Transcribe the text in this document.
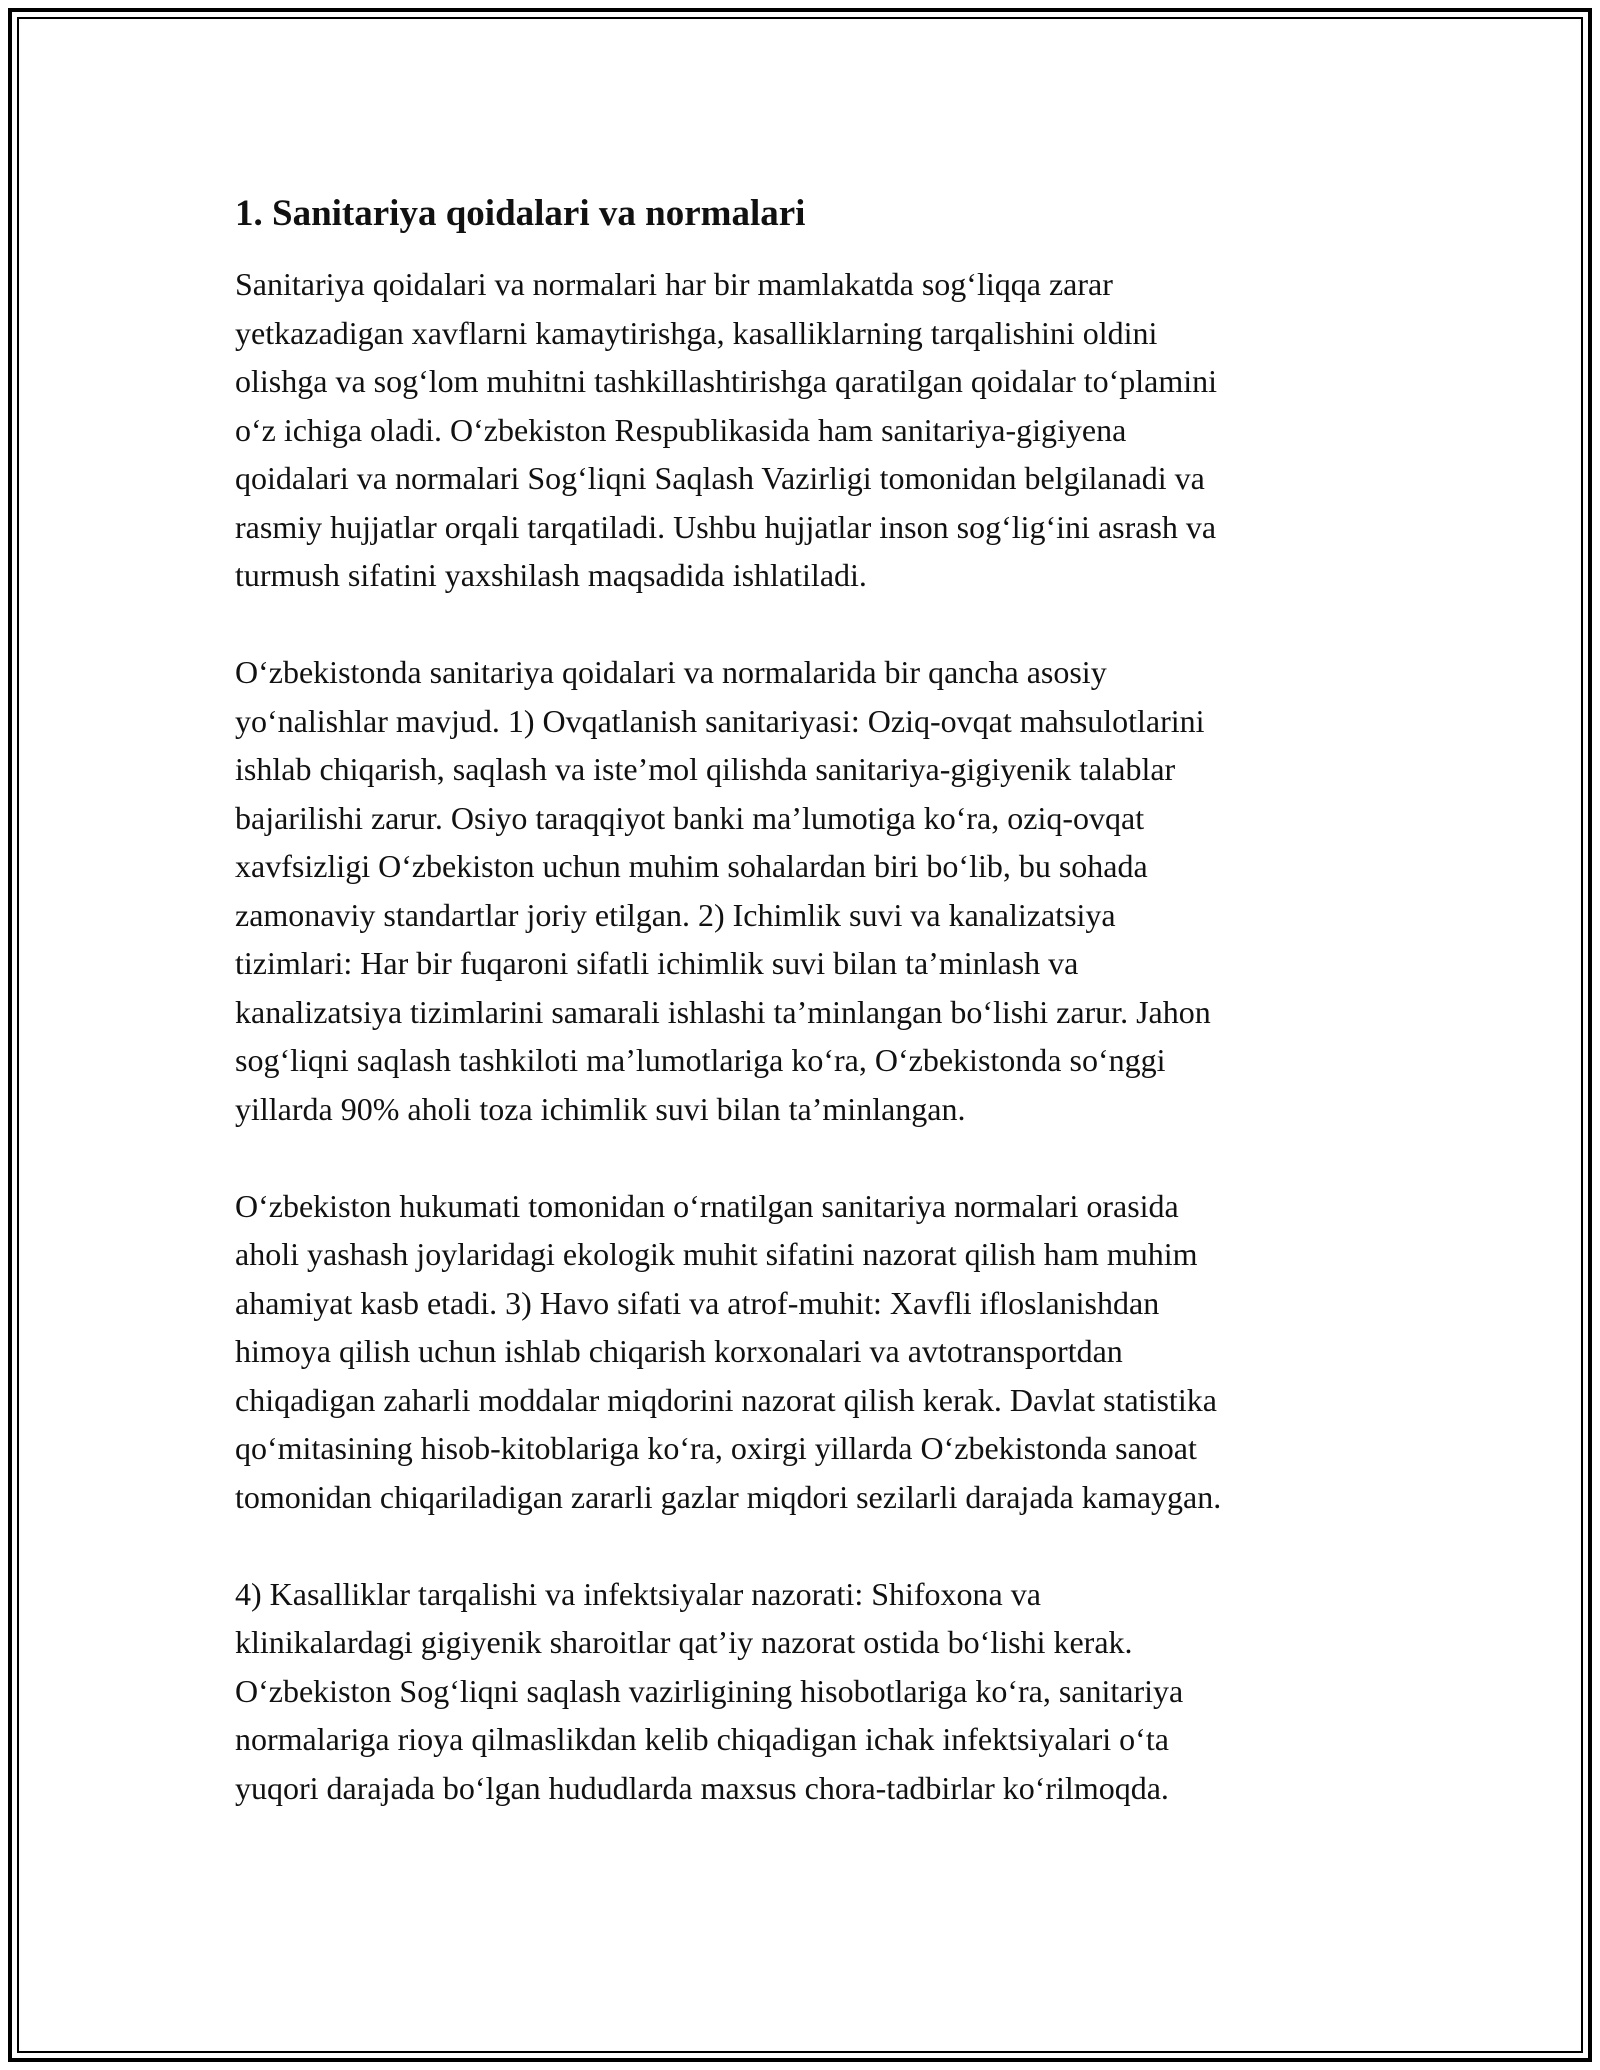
1. Sanitariya qoidalari va normalari

Sanitariya qoidalari va normalari har bir mamlakatda sog‘liqqa zarar
yetkazadigan xavflarni kamaytirishga, kasalliklarning tarqalishini oldini
olishga va sog‘lom muhitni tashkillashtirishga qaratilgan qoidalar to‘plamini
o‘z ichiga oladi. O‘zbekiston Respublikasida ham sanitariya-gigiyena
qoidalari va normalari Sog‘liqni Saqlash Vazirligi tomonidan belgilanadi va
rasmiy hujjatlar orqali tarqatiladi. Ushbu hujjatlar inson sog‘lig‘ini asrash va
turmush sifatini yaxshilash maqsadida ishlatiladi.

O‘zbekistonda sanitariya qoidalari va normalarida bir qancha asosiy
yo‘nalishlar mavjud. 1) Ovqatlanish sanitariyasi: Oziq-ovqat mahsulotlarini
ishlab chiqarish, saqlash va iste’mol qilishda sanitariya-gigiyenik talablar
bajarilishi zarur. Osiyo taraqqiyot banki ma’lumotiga ko‘ra, oziq-ovqat
xavfsizligi O‘zbekiston uchun muhim sohalardan biri bo‘lib, bu sohada
zamonaviy standartlar joriy etilgan. 2) Ichimlik suvi va kanalizatsiya
tizimlari: Har bir fuqaroni sifatli ichimlik suvi bilan ta’minlash va
kanalizatsiya tizimlarini samarali ishlashi ta’minlangan bo‘lishi zarur. Jahon
sog‘liqni saqlash tashkiloti ma’lumotlariga ko‘ra, O‘zbekistonda so‘nggi
yillarda 90% aholi toza ichimlik suvi bilan ta’minlangan.

O‘zbekiston hukumati tomonidan o‘rnatilgan sanitariya normalari orasida
aholi yashash joylaridagi ekologik muhit sifatini nazorat qilish ham muhim
ahamiyat kasb etadi. 3) Havo sifati va atrof-muhit: Xavfli ifloslanishdan
himoya qilish uchun ishlab chiqarish korxonalari va avtotransportdan
chiqadigan zaharli moddalar miqdorini nazorat qilish kerak. Davlat statistika
qo‘mitasining hisob-kitoblariga ko‘ra, oxirgi yillarda O‘zbekistonda sanoat
tomonidan chiqariladigan zararli gazlar miqdori sezilarli darajada kamaygan.

4) Kasalliklar tarqalishi va infektsiyalar nazorati: Shifoxona va
klinikalardagi gigiyenik sharoitlar qat’iy nazorat ostida bo‘lishi kerak.
O‘zbekiston Sog‘liqni saqlash vazirligining hisobotlariga ko‘ra, sanitariya
normalariga rioya qilmaslikdan kelib chiqadigan ichak infektsiyalari o‘ta
yuqori darajada bo‘lgan hududlarda maxsus chora-tadbirlar ko‘rilmoqda.
